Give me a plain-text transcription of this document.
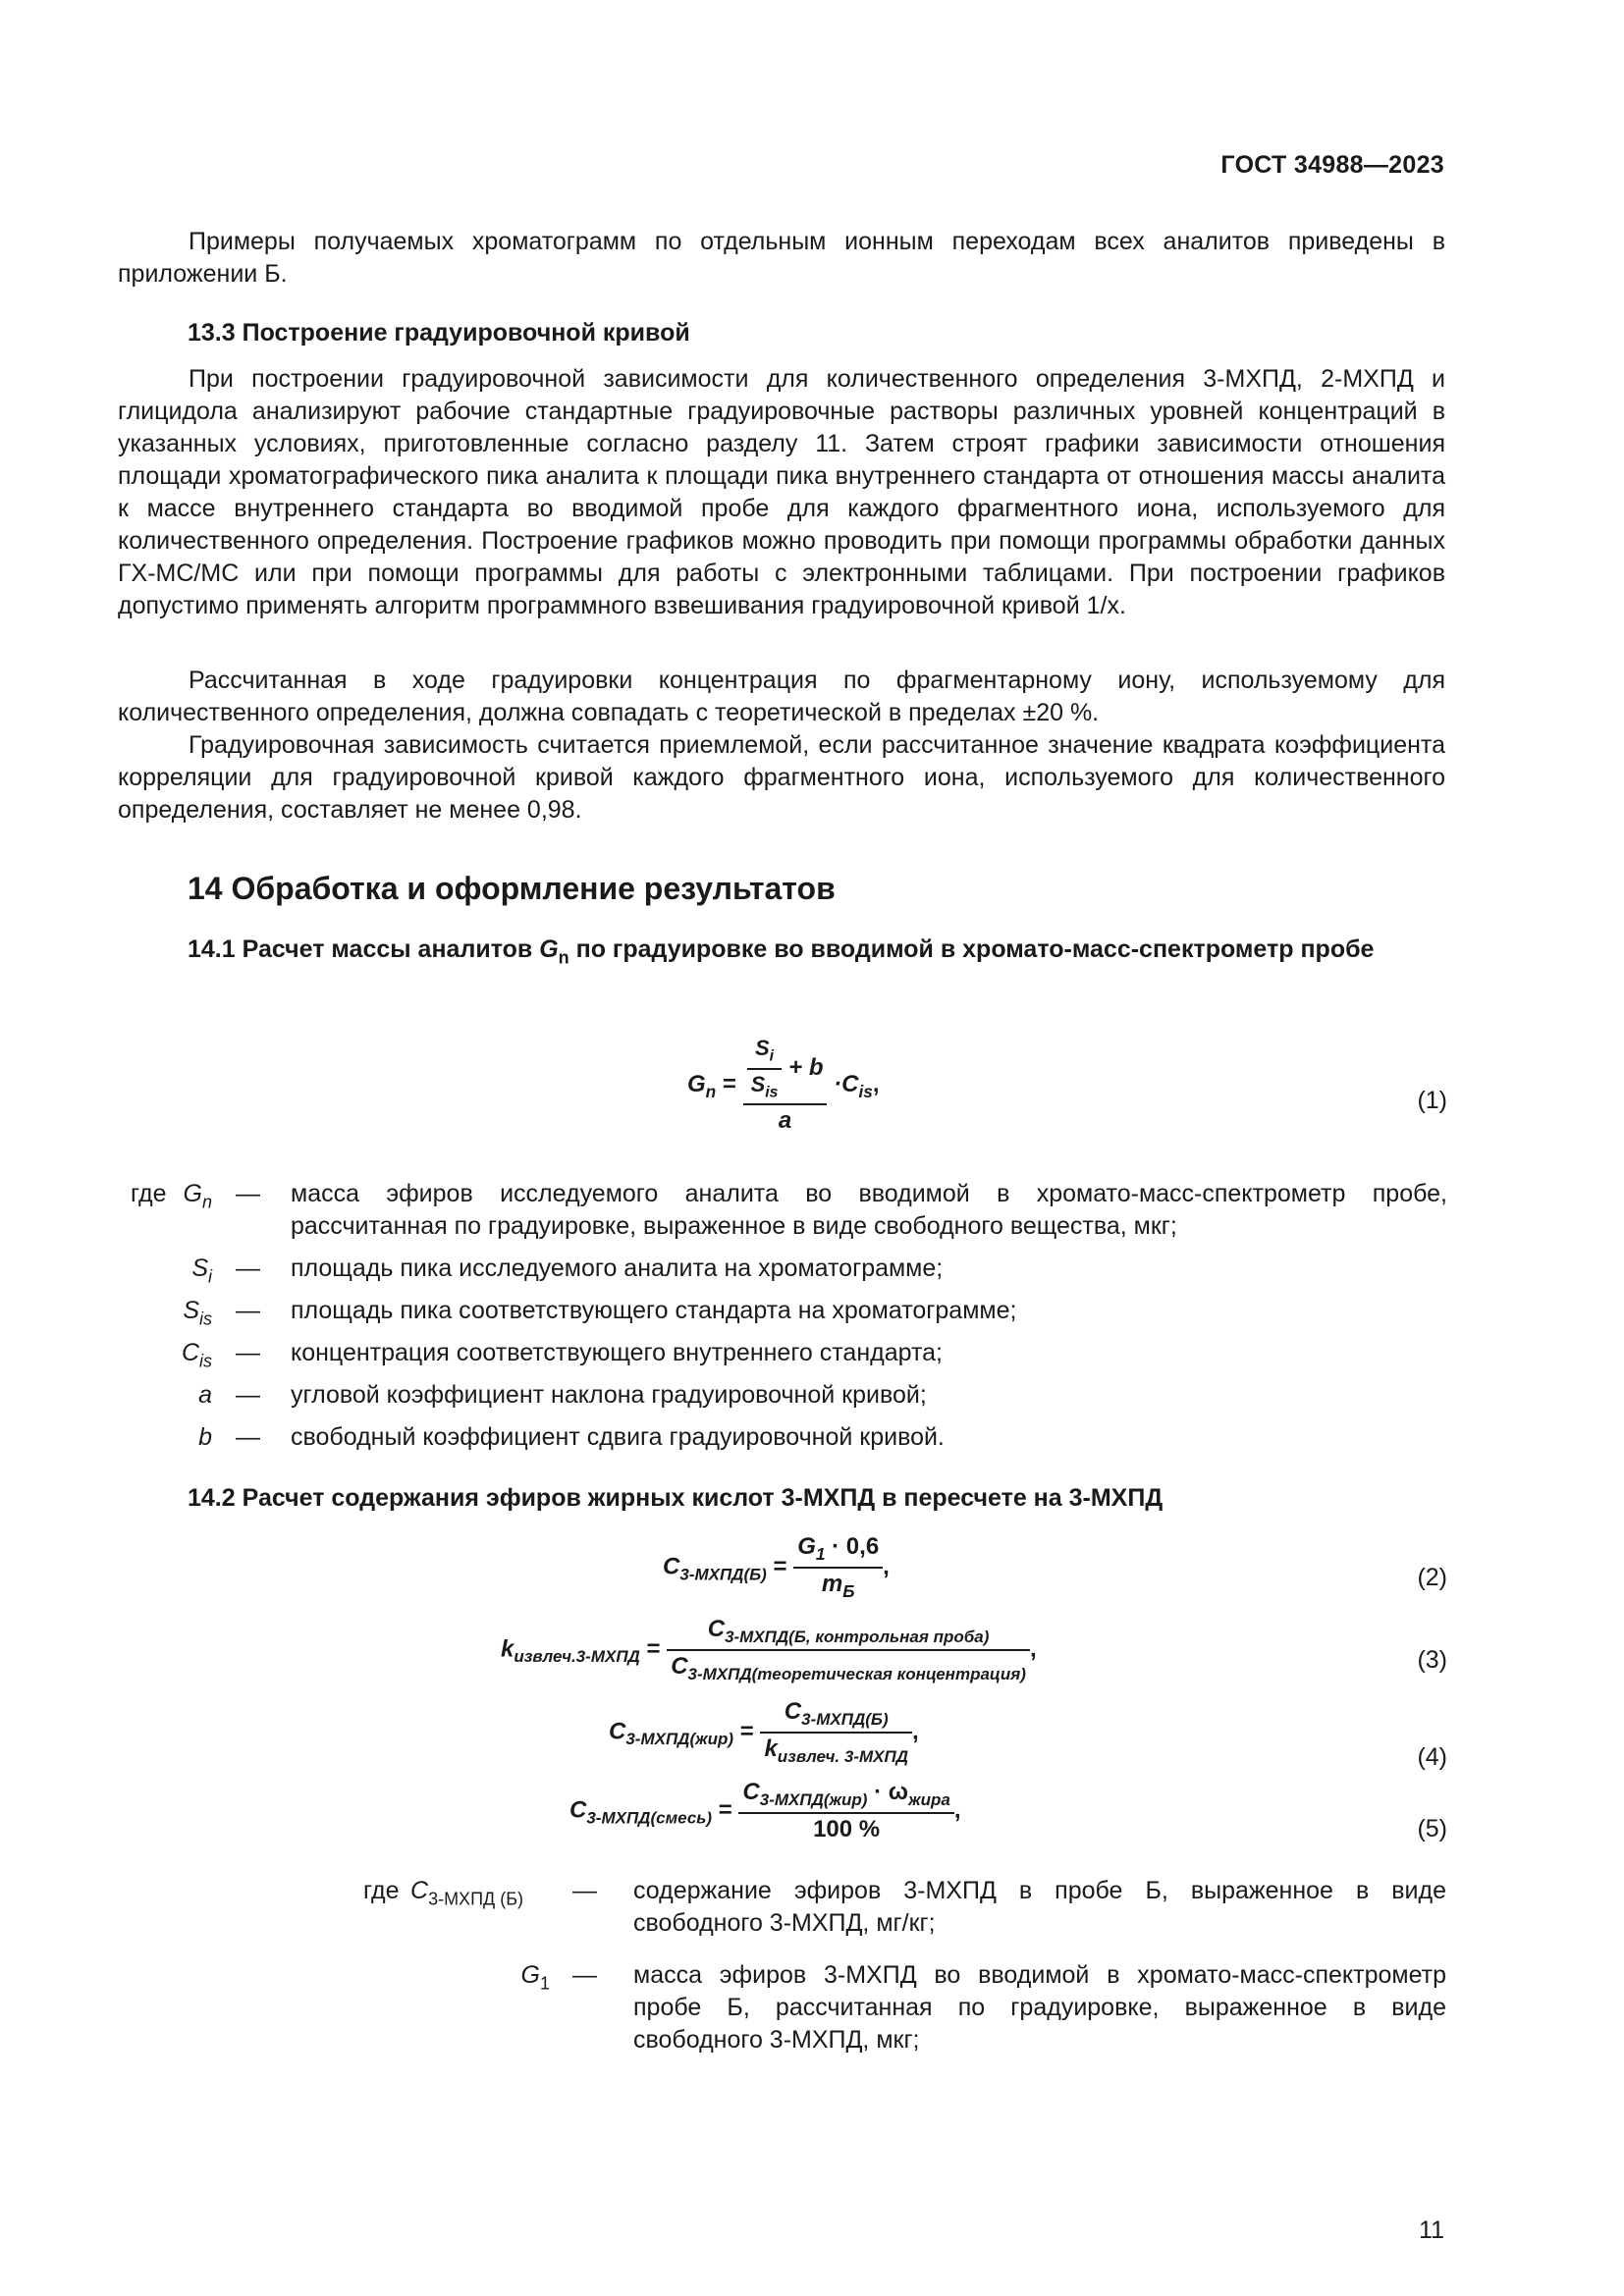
ГОСТ 34988—2023

Примеры получаемых хроматограмм по отдельным ионным переходам всех аналитов приведены в приложении Б.

13.3 Построение градуировочной кривой

При построении градуировочной зависимости для количественного определения 3-МХПД, 2-МХПД и глицидола анализируют рабочие стандартные градуировочные растворы различных уровней концентраций в указанных условиях, приготовленные согласно разделу 11. Затем строят графики зависимости отношения площади хроматографического пика аналита к площади пика внутреннего стандарта от отношения массы аналита к массе внутреннего стандарта во вводимой пробе для каждого фрагментного иона, используемого для количественного определения. Построение графиков можно проводить при помощи программы обработки данных ГХ-МС/МС или при помощи программы для работы с электронными таблицами. При построении графиков допустимо применять алгоритм программного взвешивания градуировочной кривой 1/x.

Рассчитанная в ходе градуировки концентрация по фрагментарному иону, используемому для количественного определения, должна совпадать с теоретической в пределах ±20 %.

Градуировочная зависимость считается приемлемой, если рассчитанное значение квадрата коэффициента корреляции для градуировочной кривой каждого фрагментного иона, используемого для количественного определения, составляет не менее 0,98.

14 Обработка и оформление результатов
14.1 Расчет массы аналитов $G_n$ по градуировке во вводимой в хромато-масс-спектрометр пробе
$G_n = \frac{\frac{S_i}{S_{is}} + b}{a} \cdot C_{is}$,
(1)
где $G_n$ — масса эфиров исследуемого аналита во вводимой в хромато-масс-спектрометр пробе, рассчитанная по градуировке, выраженное в виде свободного вещества, мкг;
$S_i$ — площадь пика исследуемого аналита на хроматограмме;
$S_{is}$ — площадь пика соответствующего стандарта на хроматограмме;
$C_{is}$ — концентрация соответствующего внутреннего стандарта;
a — угловой коэффициент наклона градуировочной кривой;
b — свободный коэффициент сдвига градуировочной кривой.
14.2 Расчет содержания эфиров жирных кислот 3-МХПД в пересчете на 3-МХПД
$C_{3-МХПД(Б)} = \frac{G_1 \cdot 0,6}{m_Б}$ ,	(2)
$k_{извлеч.3-МХПД} = \frac{C_{3-МХПД(Б, контрольная проба)}}{C_{3-МХПД(теоретическая концентрация)}}$ ,	(3)
$C_{3-МХПД(жир)} = \frac{C_{3-МХПД(Б)}}{k_{извлеч. 3-МХПД}}$ ,
(4)
$C_{3-МХПД(смесь)} = \frac{C_{3-МХПД(жир)} \cdot \omega_{жира}}{100 \%}$ ,
(5)
где $C_{3-МХПД (Б)}$	— содержание эфиров 3-МХПД в пробе Б, выраженное в виде свободного 3-МХПД, мг/кг;
$G_1$ — масса эфиров 3-МХПД во вводимой в хромато-масс-спектрометр пробе Б, рассчитанная по градуировке, выраженное в виде свободного 3-МХПД, мкг;
11
